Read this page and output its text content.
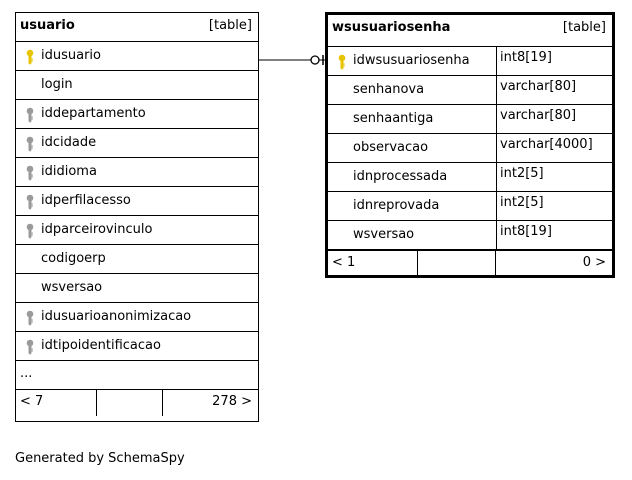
usuario	[table]
idusuario
login
iddepartamento
idcidade
ididioma
idperfilacesso
idparceirovinculo
codigoerp
wsversao
idusuarioanonimizacao
idtipoidentificacao
...
< 7	278 >
wsusuariosenha	[table]
idwsusuariosenha	int8[19]
senhanova	varchar[80]
senhaantiga	varchar[80]
observacao	varchar[4000]
idnprocessada	int2[5]
idnreprovada	int2[5]
wsversao	int8[19]
< 1	0 >
Generated by SchemaSpy
